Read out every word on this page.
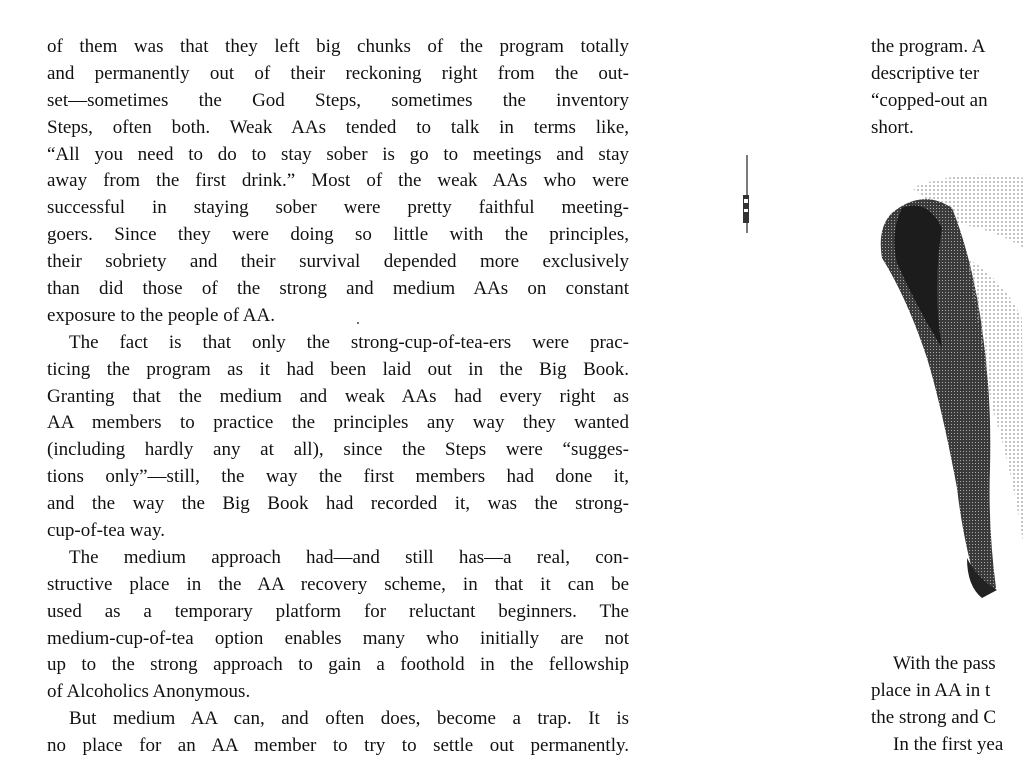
of them was that they left big chunks of the program totally
and permanently out of their reckoning right from the out-
set—sometimes the God Steps, sometimes the inventory
Steps, often both. Weak AAs tended to talk in terms like,
“All you need to do to stay sober is go to meetings and stay
away from the first drink.” Most of the weak AAs who were
successful in staying sober were pretty faithful meeting-
goers. Since they were doing so little with the principles,
their sobriety and their survival depended more exclusively
than did those of the strong and medium AAs on constant
exposure to the people of AA.
The fact is that only the strong-cup-of-tea-ers were prac-
ticing the program as it had been laid out in the Big Book.
Granting that the medium and weak AAs had every right as
AA members to practice the principles any way they wanted
(including hardly any at all), since the Steps were “sugges-
tions only”—still, the way the first members had done it,
and the way the Big Book had recorded it, was the strong-
cup-of-tea way.
The medium approach had—and still has—a real, con-
structive place in the AA recovery scheme, in that it can be
used as a temporary platform for reluctant beginners. The
medium-cup-of-tea option enables many who initially are not
up to the strong approach to gain a foothold in the fellowship
of Alcoholics Anonymous.
But medium AA can, and often does, become a trap. It is
no place for an AA member to try to settle out permanently.
the program. A
descriptive ter
“copped-out an
short.
With the pass
place in AA in t
the strong and C
In the first yea
